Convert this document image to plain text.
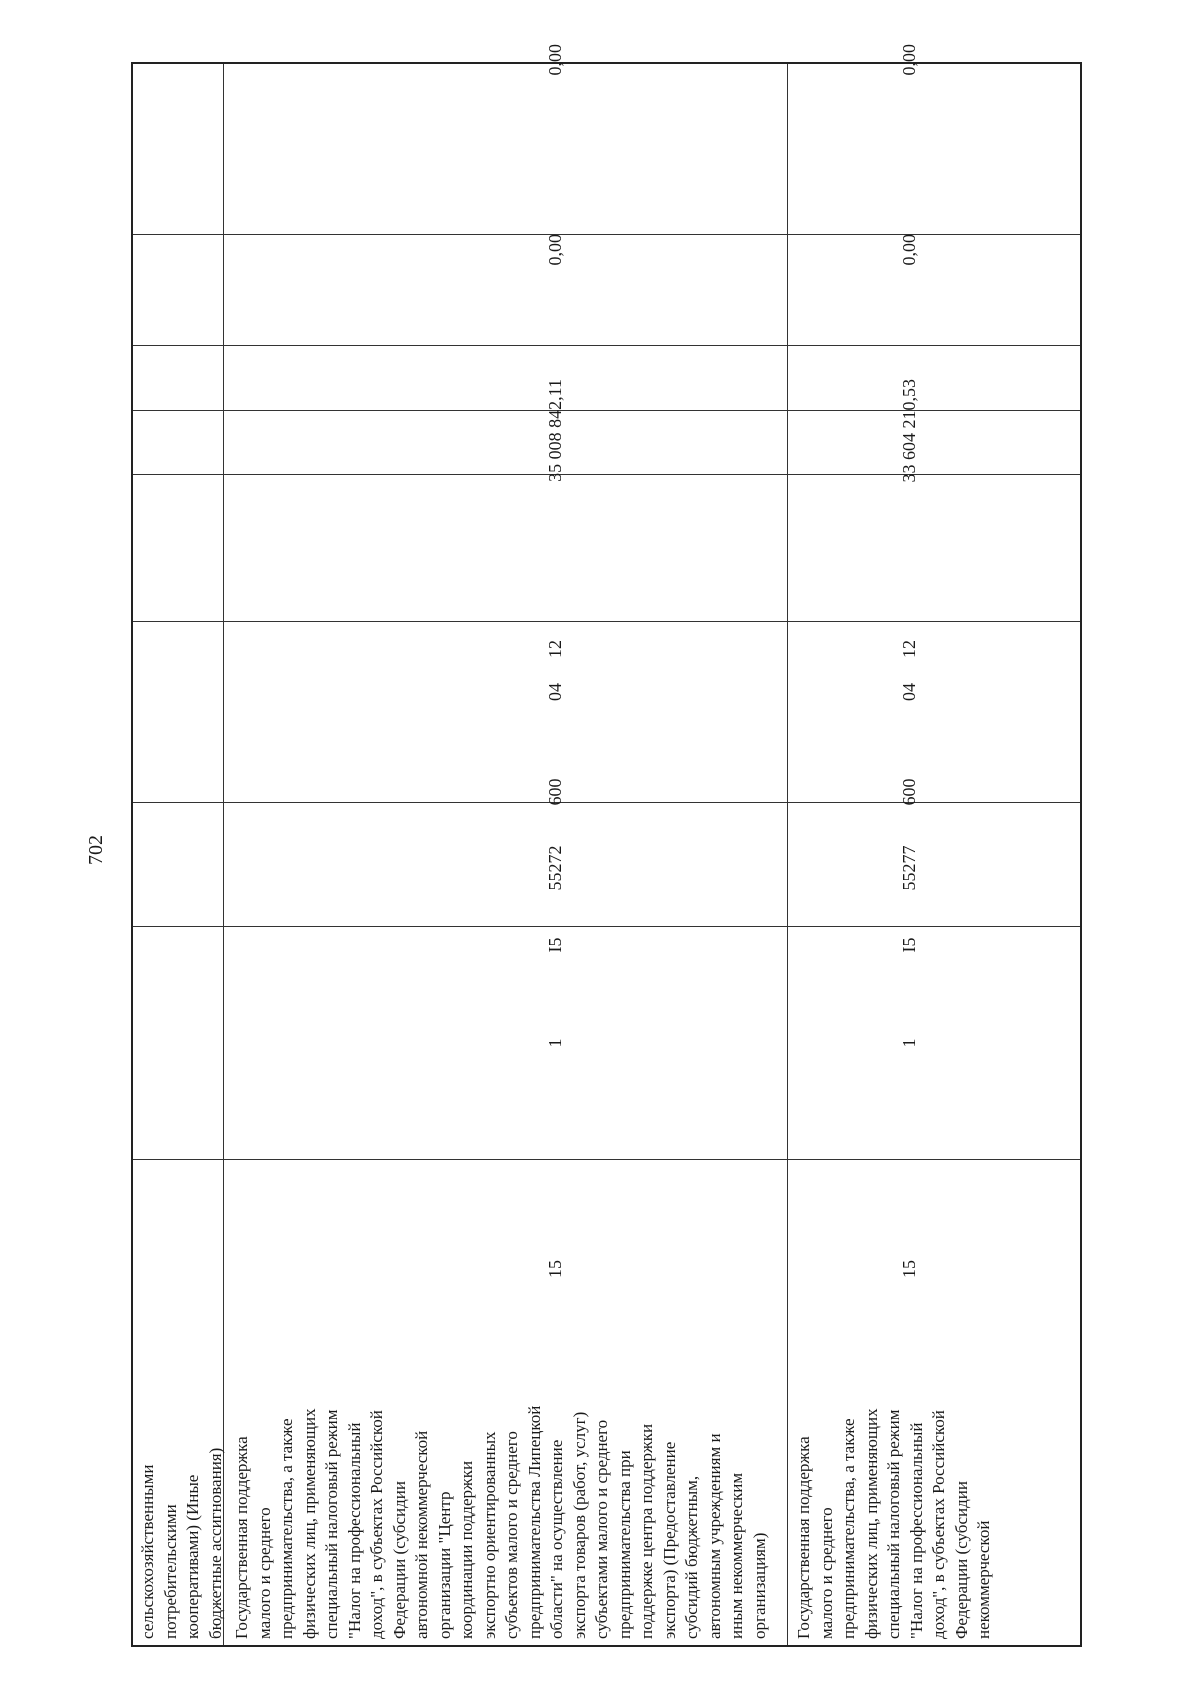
702
сельскохозяйственными потребительскими кооперативами) (Иные бюджетные ассигнования) Государственная поддержка малого и среднего предпринимательства, а также физических лиц, применяющих специальный налоговый режим "Налог на профессиональный доход", в субъектах Российской Федерации (субсидии автономной некоммерческой организации "Центр координации поддержки экспортно ориентированных субъектов малого и среднего предпринимательства Липецкой области" на осуществление экспорта товаров (работ, услуг) субъектами малого и среднего предпринимательства при поддержке центра поддержки экспорта) (Предоставление субсидий бюджетным, автономным учреждениям и иным некоммерческим организациям)
15
1
I5
55272
600
04
12
35 008 842,11
0,00
0,00
Государственная поддержка малого и среднего предпринимательства, а также физических лиц, применяющих специальный налоговый режим "Налог на профессиональный доход", в субъектах Российской Федерации (субсидии некоммерческой
15
1
I5
55277
600
04
12
33 604 210,53
0,00
0,00
